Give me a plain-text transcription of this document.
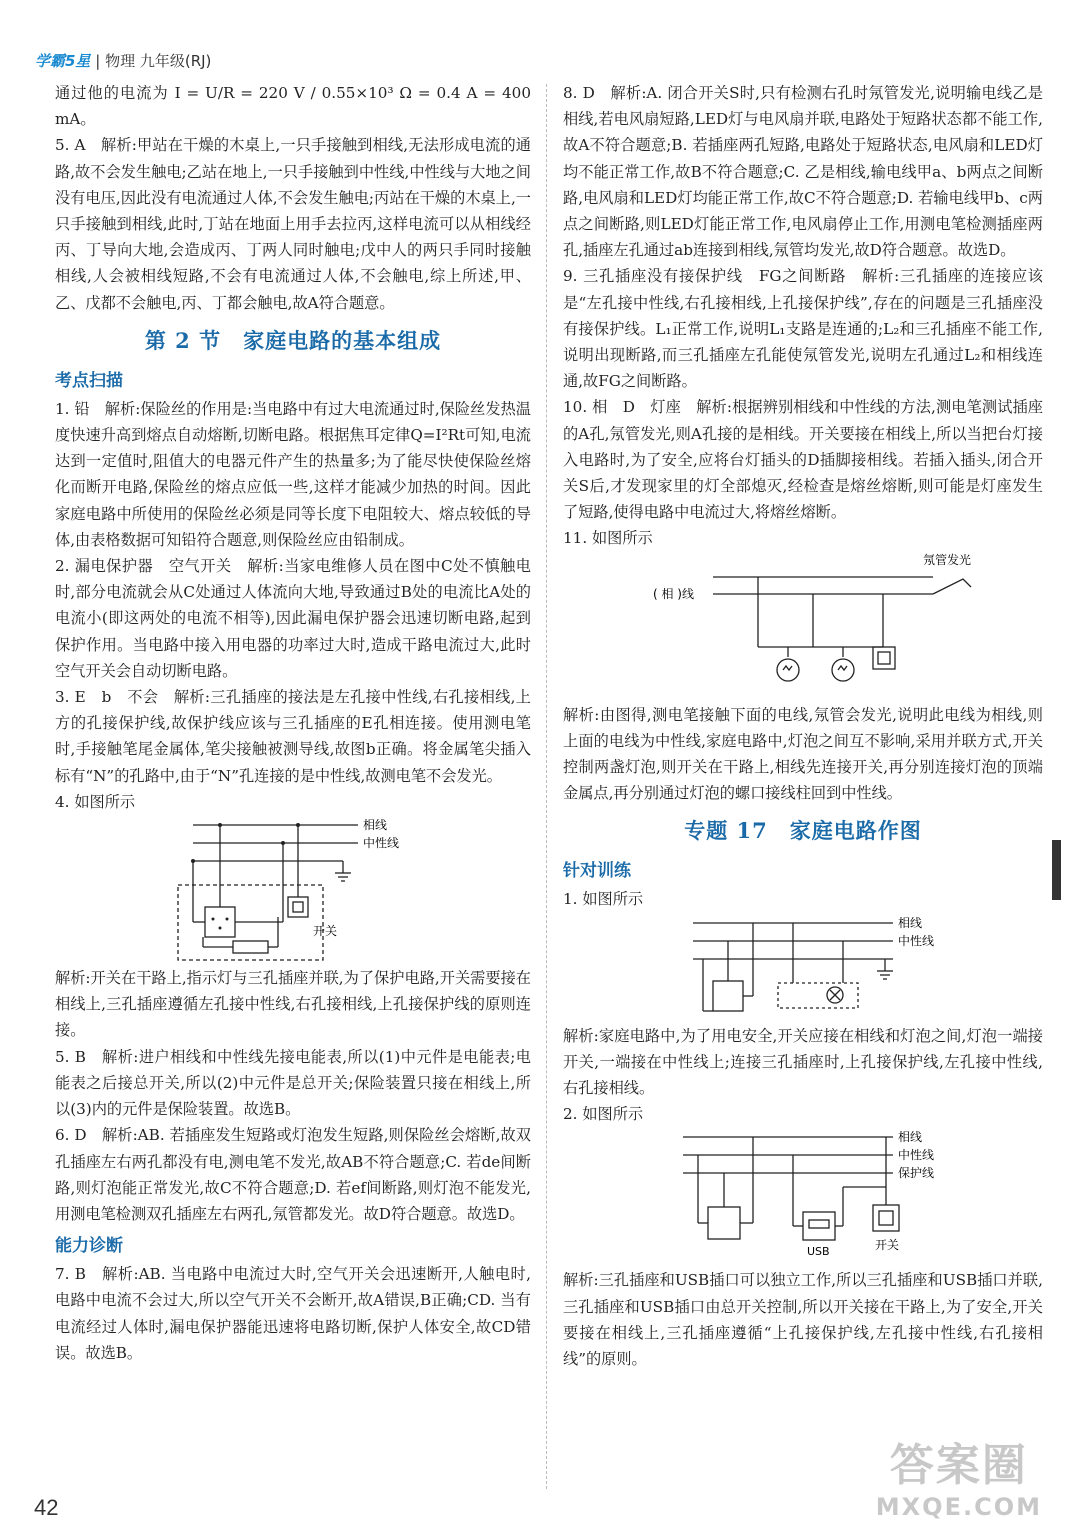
学霸5星 | 物理 九年级(RJ)

通过他的电流为 I = U/R = 220 V / 0.55×10³ Ω = 0.4 A = 400 mA。

5. A　解析:甲站在干燥的木桌上,一只手接触到相线,无法形成电流的通路,故不会发生触电;乙站在地上,一只手接触到中性线,中性线与大地之间没有电压,因此没有电流通过人体,不会发生触电;丙站在干燥的木桌上,一只手接触到相线,此时,丁站在地面上用手去拉丙,这样电流可以从相线经丙、丁导向大地,会造成丙、丁两人同时触电;戊中人的两只手同时接触相线,人会被相线短路,不会有电流通过人体,不会触电,综上所述,甲、乙、戊都不会触电,丙、丁都会触电,故A符合题意。

第 2 节　家庭电路的基本组成
考点扫描

1. 铅　解析:保险丝的作用是:当电路中有过大电流通过时,保险丝发热温度快速升高到熔点自动熔断,切断电路。根据焦耳定律Q=I²Rt可知,电流达到一定值时,阻值大的电器元件产生的热量多;为了能尽快使保险丝熔化而断开电路,保险丝的熔点应低一些,这样才能减少加热的时间。因此家庭电路中所使用的保险丝必须是同等长度下电阻较大、熔点较低的导体,由表格数据可知铅符合题意,则保险丝应由铅制成。

2. 漏电保护器　空气开关　解析:当家电维修人员在图中C处不慎触电时,部分电流就会从C处通过人体流向大地,导致通过B处的电流比A处的电流小(即这两处的电流不相等),因此漏电保护器会迅速切断电路,起到保护作用。当电路中接入用电器的功率过大时,造成干路电流过大,此时空气开关会自动切断电路。

3. E　b　不会　解析:三孔插座的接法是左孔接中性线,右孔接相线,上方的孔接保护线,故保护线应该与三孔插座的E孔相连接。使用测电笔时,手接触笔尾金属体,笔尖接触被测导线,故图b正确。将金属笔尖插入标有“N”的孔路中,由于“N”孔连接的是中性线,故测电笔不会发光。

4. 如图所示

相线
中性线
开关

解析:开关在干路上,指示灯与三孔插座并联,为了保护电路,开关需要接在相线上,三孔插座遵循左孔接中性线,右孔接相线,上孔接保护线的原则连接。

5. B　解析:进户相线和中性线先接电能表,所以(1)中元件是电能表;电能表之后接总开关,所以(2)中元件是总开关;保险装置只接在相线上,所以(3)内的元件是保险装置。故选B。

6. D　解析:AB. 若插座发生短路或灯泡发生短路,则保险丝会熔断,故双孔插座左右两孔都没有电,测电笔不发光,故AB不符合题意;C. 若de间断路,则灯泡能正常发光,故C不符合题意;D. 若ef间断路,则灯泡不能发光,用测电笔检测双孔插座左右两孔,氖管都发光。故D符合题意。故选D。

能力诊断

7. B　解析:AB. 当电路中电流过大时,空气开关会迅速断开,人触电时,电路中电流不会过大,所以空气开关不会断开,故A错误,B正确;CD. 当有电流经过人体时,漏电保护器能迅速将电路切断,保护人体安全,故CD错误。故选B。

8. D　解析:A. 闭合开关S时,只有检测右孔时氖管发光,说明输电线乙是相线,若电风扇短路,LED灯与电风扇并联,电路处于短路状态都不能工作,故A不符合题意;B. 若插座两孔短路,电路处于短路状态,电风扇和LED灯均不能正常工作,故B不符合题意;C. 乙是相线,输电线甲a、b两点之间断路,电风扇和LED灯均能正常工作,故C不符合题意;D. 若输电线甲b、c两点之间断路,则LED灯能正常工作,电风扇停止工作,用测电笔检测插座两孔,插座左孔通过ab连接到相线,氖管均发光,故D符合题意。故选D。

9. 三孔插座没有接保护线　FG之间断路　解析:三孔插座的连接应该是“左孔接中性线,右孔接相线,上孔接保护线”,存在的问题是三孔插座没有接保护线。L₁正常工作,说明L₁支路是连通的;L₂和三孔插座不能工作,说明出现断路,而三孔插座左孔能使氖管发光,说明左孔通过L₂和相线连通,故FG之间断路。

10. 相　D　灯座　解析:根据辨别相线和中性线的方法,测电笔测试插座的A孔,氖管发光,则A孔接的是相线。开关要接在相线上,所以当把台灯接入电路时,为了安全,应将台灯插头的D插脚接相线。若插入插头,闭合开关S后,才发现家里的灯全部熄灭,经检查是熔丝熔断,则可能是灯座发生了短路,使得电路中电流过大,将熔丝熔断。

11. 如图所示

氖管发光
( 相 )线

解析:由图得,测电笔接触下面的电线,氖管会发光,说明此电线为相线,则上面的电线为中性线,家庭电路中,灯泡之间互不影响,采用并联方式,开关控制两盏灯泡,则开关在干路上,相线先连接开关,再分别连接灯泡的顶端金属点,再分别通过灯泡的螺口接线柱回到中性线。

专题 17　家庭电路作图
针对训练

1. 如图所示

相线
中性线

解析:家庭电路中,为了用电安全,开关应接在相线和灯泡之间,灯泡一端接开关,一端接在中性线上;连接三孔插座时,上孔接保护线,左孔接中性线,右孔接相线。

2. 如图所示

相线
中性线
保护线
USB	开关

解析:三孔插座和USB插口可以独立工作,所以三孔插座和USB插口并联,三孔插座和USB插口由总开关控制,所以开关接在干路上,为了安全,开关要接在相线上,三孔插座遵循“上孔接保护线,左孔接中性线,右孔接相线”的原则。

42
答案圈
MXQE.COM
